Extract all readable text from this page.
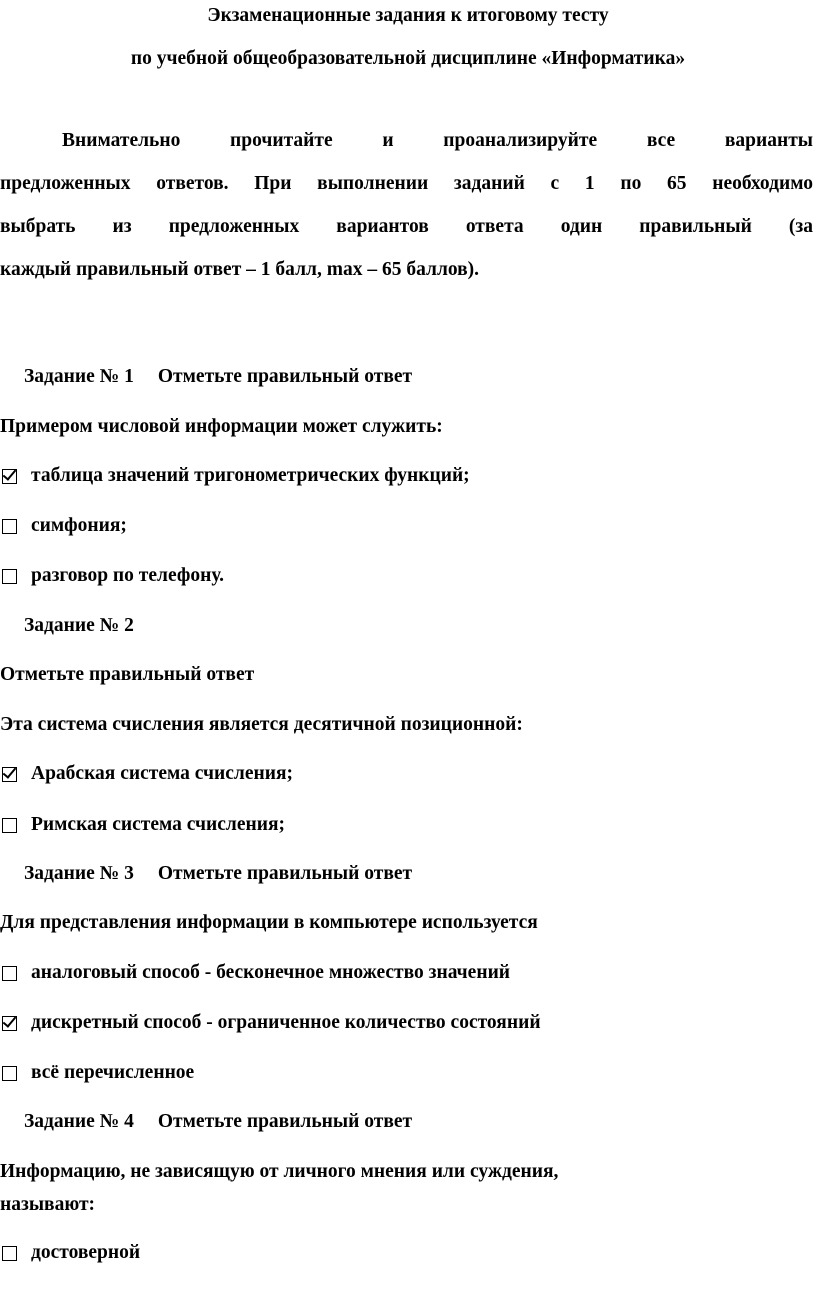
Экзаменационные задания к итоговому тесту
по учебной общеобразовательной дисциплине «Информатика»
Внимательно прочитайте и проанализируйте все варианты
предложенных ответов. При выполнении заданий с 1 по 65 необходимо
выбрать из предложенных вариантов ответа один правильный (за
каждый правильный ответ – 1 балл, max – 65 баллов).
Задание № 1 Отметьте правильный ответ
Примером числовой информации может служить:
таблица значений тригонометрических функций;
симфония;
разговор по телефону.
Задание № 2
Отметьте правильный ответ
Эта система счисления является десятичной позиционной:
Арабская система счисления;
Римская система счисления;
Задание № 3 Отметьте правильный ответ
Для представления информации в компьютере используется
аналоговый способ - бесконечное множество значений
дискретный способ - ограниченное количество состояний
всё перечисленное
Задание № 4 Отметьте правильный ответ
Информацию, не зависящую от личного мнения или суждения,
называют:
достоверной
